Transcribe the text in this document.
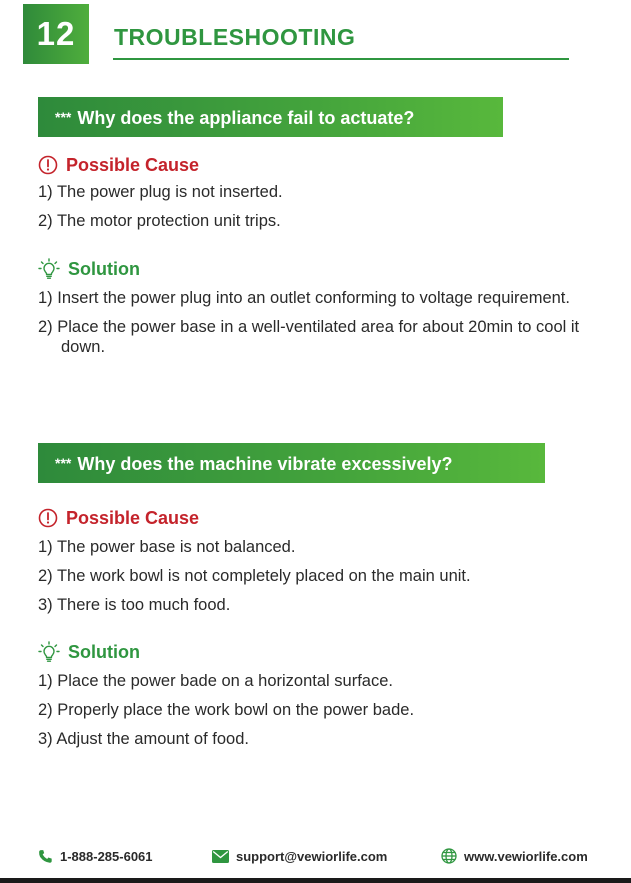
12	TROUBLESHOOTING
*** Why does the appliance fail to actuate?
Possible Cause
1) The power plug is not inserted.
2) The motor protection unit trips.
Solution
1) Insert the power plug into an outlet conforming to voltage requirement.
2) Place the power base in a well-ventilated area for about 20min to cool it down.
*** Why does the machine vibrate excessively?
Possible Cause
1) The power base is not balanced.
2) The work bowl is not completely placed on the main unit.
3) There is too much food.
Solution
1) Place the power bade on a horizontal surface.
2) Properly place the work bowl on the power bade.
3) Adjust the amount of food.
1-888-285-6061	support@vewiorlife.com	www.vewiorlife.com
